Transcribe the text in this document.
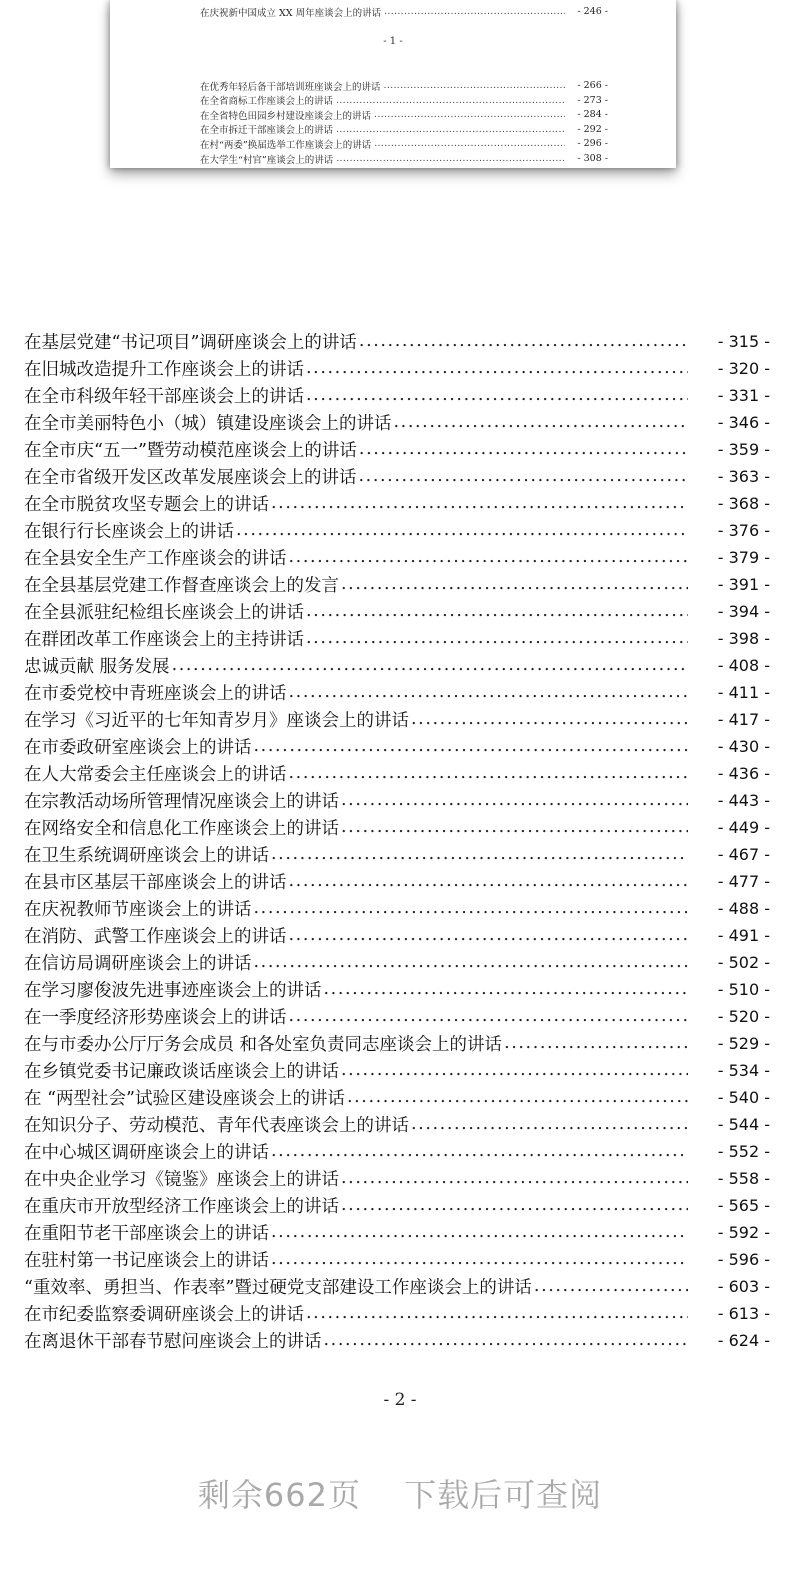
在庆祝新中国成立 XX 周年座谈会上的讲话 .....	- 246 -
- 1 -
在优秀年轻后备干部培训班座谈会上的讲话 .....	- 266 -
在全省商标工作座谈会上的讲话 .....	- 273 -
在全省特色田园乡村建设座谈会上的讲话 .....	- 284 -
在全市拆迁干部座谈会上的讲话 .....	- 292 -
在村“两委”换届选举工作座谈会上的讲话 .....	- 296 -
在大学生“村官”座谈会上的讲话 .....	- 308 -
在基层党建“书记项目”调研座谈会上的讲话 .....	- 315 -
在旧城改造提升工作座谈会上的讲话 .....	- 320 -
在全市科级年轻干部座谈会上的讲话 .....	- 331 -
在全市美丽特色小（城）镇建设座谈会上的讲话 .....	- 346 -
在全市庆“五一”暨劳动模范座谈会上的讲话 .....	- 359 -
在全市省级开发区改革发展座谈会上的讲话 .....	- 363 -
在全市脱贫攻坚专题会上的讲话 .....	- 368 -
在银行行长座谈会上的讲话 .....	- 376 -
在全县安全生产工作座谈会的讲话 .....	- 379 -
在全县基层党建工作督查座谈会上的发言 .....	- 391 -
在全县派驻纪检组长座谈会上的讲话 .....	- 394 -
在群团改革工作座谈会上的主持讲话 .....	- 398 -
忠诚贡献 服务发展 .....	- 408 -
在市委党校中青班座谈会上的讲话 .....	- 411 -
在学习《习近平的七年知青岁月》座谈会上的讲话 .....	- 417 -
在市委政研室座谈会上的讲话 .....	- 430 -
在人大常委会主任座谈会上的讲话 .....	- 436 -
在宗教活动场所管理情况座谈会上的讲话 .....	- 443 -
在网络安全和信息化工作座谈会上的讲话 .....	- 449 -
在卫生系统调研座谈会上的讲话 .....	- 467 -
在县市区基层干部座谈会上的讲话 .....	- 477 -
在庆祝教师节座谈会上的讲话 .....	- 488 -
在消防、武警工作座谈会上的讲话 .....	- 491 -
在信访局调研座谈会上的讲话 .....	- 502 -
在学习廖俊波先进事迹座谈会上的讲话 .....	- 510 -
在一季度经济形势座谈会上的讲话 .....	- 520 -
在与市委办公厅厅务会成员 和各处室负责同志座谈会上的讲话 .....	- 529 -
在乡镇党委书记廉政谈话座谈会上的讲话 .....	- 534 -
在 “两型社会”试验区建设座谈会上的讲话 .....	- 540 -
在知识分子、劳动模范、青年代表座谈会上的讲话 .....	- 544 -
在中心城区调研座谈会上的讲话 .....	- 552 -
在中央企业学习《镜鉴》座谈会上的讲话 .....	- 558 -
在重庆市开放型经济工作座谈会上的讲话 .....	- 565 -
在重阳节老干部座谈会上的讲话 .....	- 592 -
在驻村第一书记座谈会上的讲话 .....	- 596 -
“重效率、勇担当、作表率”暨过硬党支部建设工作座谈会上的讲话 .....	- 603 -
在市纪委监察委调研座谈会上的讲话 .....	- 613 -
在离退休干部春节慰问座谈会上的讲话 .....	- 624 -
- 2 -
剩余662页 下载后可查阅
